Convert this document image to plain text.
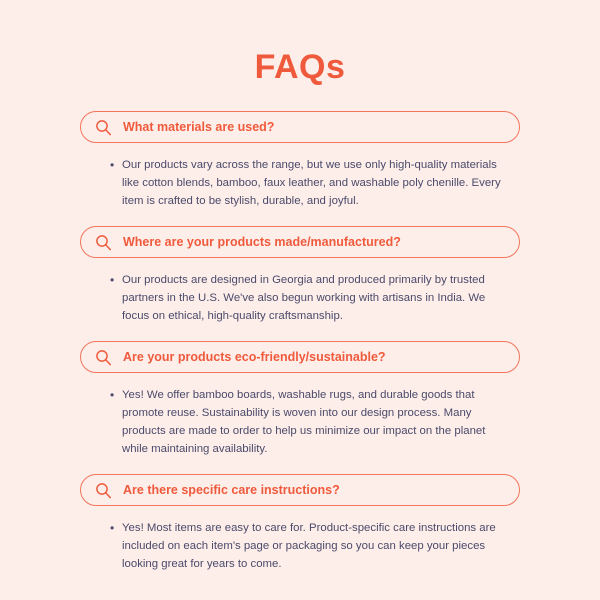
FAQs
What materials are used?
• Our products vary across the range, but we use only high-quality materials like cotton blends, bamboo, faux leather, and washable poly chenille. Every item is crafted to be stylish, durable, and joyful.
Where are your products made/manufactured?
• Our products are designed in Georgia and produced primarily by trusted partners in the U.S. We've also begun working with artisans in India. We focus on ethical, high-quality craftsmanship.
Are your products eco-friendly/sustainable?
• Yes! We offer bamboo boards, washable rugs, and durable goods that promote reuse. Sustainability is woven into our design process. Many products are made to order to help us minimize our impact on the planet while maintaining availability.
Are there specific care instructions?
• Yes! Most items are easy to care for. Product-specific care instructions are included on each item's page or packaging so you can keep your pieces looking great for years to come.
